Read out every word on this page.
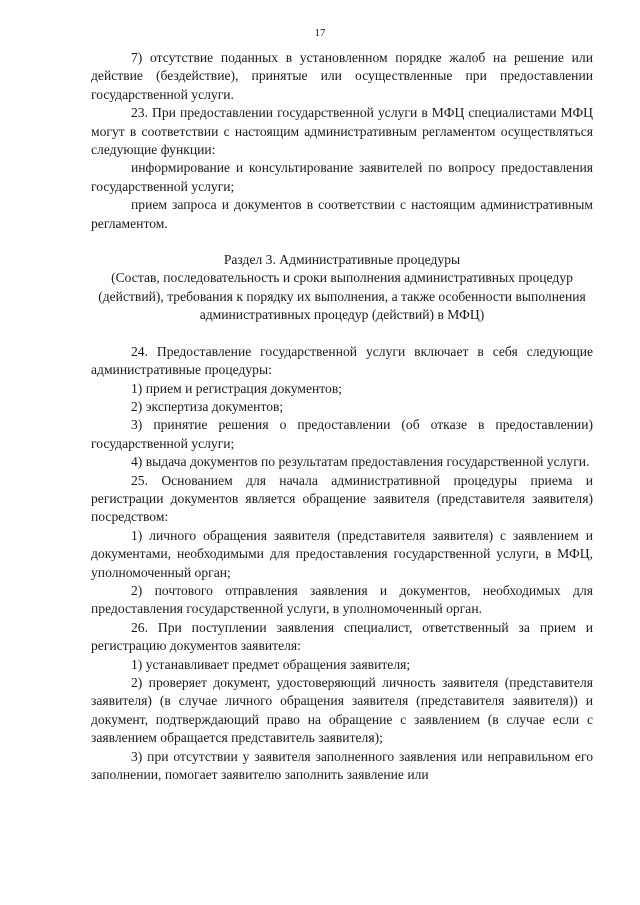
17

7) отсутствие поданных в установленном порядке жалоб на решение или действие (бездействие), принятые или осуществленные при предоставлении государственной услуги.

23. При предоставлении государственной услуги в МФЦ специалистами МФЦ могут в соответствии с настоящим административным регламентом осуществляться следующие функции:

информирование и консультирование заявителей по вопросу предоставления государственной услуги;

прием запроса и документов в соответствии с настоящим административным регламентом.

Раздел 3. Административные процедуры
(Состав, последовательность и сроки выполнения административных процедур (действий), требования к порядку их выполнения, а также особенности выполнения административных процедур (действий) в МФЦ)

24. Предоставление государственной услуги включает в себя следующие административные процедуры:

1) прием и регистрация документов;

2) экспертиза документов;

3) принятие решения о предоставлении (об отказе в предоставлении) государственной услуги;

4) выдача документов по результатам предоставления государственной услуги.

25. Основанием для начала административной процедуры приема и регистрации документов является обращение заявителя (представителя заявителя) посредством:

1) личного обращения заявителя (представителя заявителя) с заявлением и документами, необходимыми для предоставления государственной услуги, в МФЦ, уполномоченный орган;

2) почтового отправления заявления и документов, необходимых для предоставления государственной услуги, в уполномоченный орган.

26. При поступлении заявления специалист, ответственный за прием и регистрацию документов заявителя:

1) устанавливает предмет обращения заявителя;

2) проверяет документ, удостоверяющий личность заявителя (представителя заявителя) (в случае личного обращения заявителя (представителя заявителя)) и документ, подтверждающий право на обращение с заявлением (в случае если с заявлением обращается представитель заявителя);

3) при отсутствии у заявителя заполненного заявления или неправильном его заполнении, помогает заявителю заполнить заявление или
